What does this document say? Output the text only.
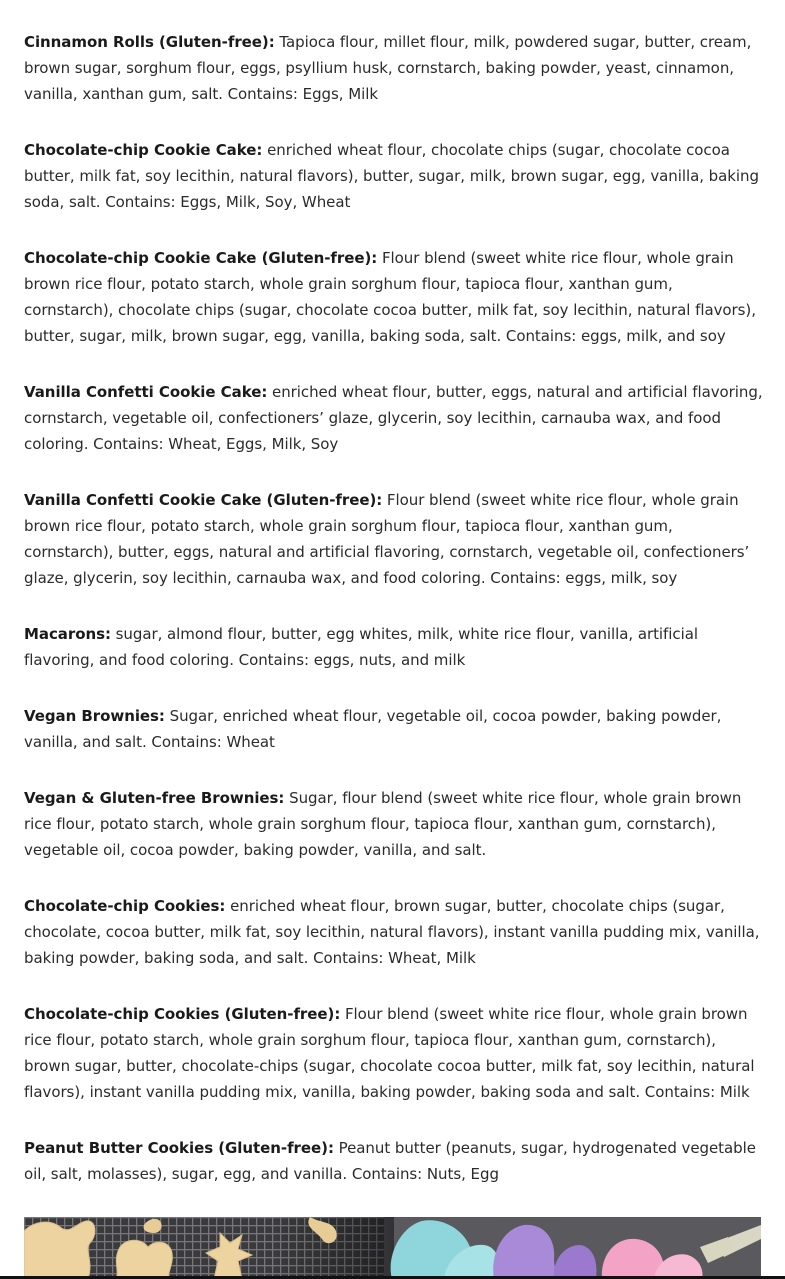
Cinnamon Rolls (Gluten-free): Tapioca flour, millet flour, milk, powdered sugar, butter, cream, brown sugar, sorghum flour, eggs, psyllium husk, cornstarch, baking powder, yeast, cinnamon, vanilla, xanthan gum, salt. Contains: Eggs, Milk

Chocolate-chip Cookie Cake: enriched wheat flour, chocolate chips (sugar, chocolate cocoa butter, milk fat, soy lecithin, natural flavors), butter, sugar, milk, brown sugar, egg, vanilla, baking soda, salt. Contains: Eggs, Milk, Soy, Wheat

Chocolate-chip Cookie Cake (Gluten-free): Flour blend (sweet white rice flour, whole grain brown rice flour, potato starch, whole grain sorghum flour, tapioca flour, xanthan gum, cornstarch), chocolate chips (sugar, chocolate cocoa butter, milk fat, soy lecithin, natural flavors), butter, sugar, milk, brown sugar, egg, vanilla, baking soda, salt. Contains: eggs, milk, and soy

Vanilla Confetti Cookie Cake: enriched wheat flour, butter, eggs, natural and artificial flavoring, cornstarch, vegetable oil, confectioners’ glaze, glycerin, soy lecithin, carnauba wax, and food coloring. Contains: Wheat, Eggs, Milk, Soy

Vanilla Confetti Cookie Cake (Gluten-free): Flour blend (sweet white rice flour, whole grain brown rice flour, potato starch, whole grain sorghum flour, tapioca flour, xanthan gum, cornstarch), butter, eggs, natural and artificial flavoring, cornstarch, vegetable oil, confectioners’ glaze, glycerin, soy lecithin, carnauba wax, and food coloring. Contains: eggs, milk, soy

Macarons: sugar, almond flour, butter, egg whites, milk, white rice flour, vanilla, artificial flavoring, and food coloring. Contains: eggs, nuts, and milk

Vegan Brownies: Sugar, enriched wheat flour, vegetable oil, cocoa powder, baking powder, vanilla, and salt. Contains: Wheat

Vegan & Gluten-free Brownies: Sugar, flour blend (sweet white rice flour, whole grain brown rice flour, potato starch, whole grain sorghum flour, tapioca flour, xanthan gum, cornstarch), vegetable oil, cocoa powder, baking powder, vanilla, and salt.

Chocolate-chip Cookies: enriched wheat flour, brown sugar, butter, chocolate chips (sugar, chocolate, cocoa butter, milk fat, soy lecithin, natural flavors), instant vanilla pudding mix, vanilla, baking powder, baking soda, and salt. Contains: Wheat, Milk

Chocolate-chip Cookies (Gluten-free): Flour blend (sweet white rice flour, whole grain brown rice flour, potato starch, whole grain sorghum flour, tapioca flour, xanthan gum, cornstarch), brown sugar, butter, chocolate-chips (sugar, chocolate cocoa butter, milk fat, soy lecithin, natural flavors), instant vanilla pudding mix, vanilla, baking powder, baking soda and salt. Contains: Milk

Peanut Butter Cookies (Gluten-free): Peanut butter (peanuts, sugar, hydrogenated vegetable oil, salt, molasses), sugar, egg, and vanilla. Contains: Nuts, Egg
